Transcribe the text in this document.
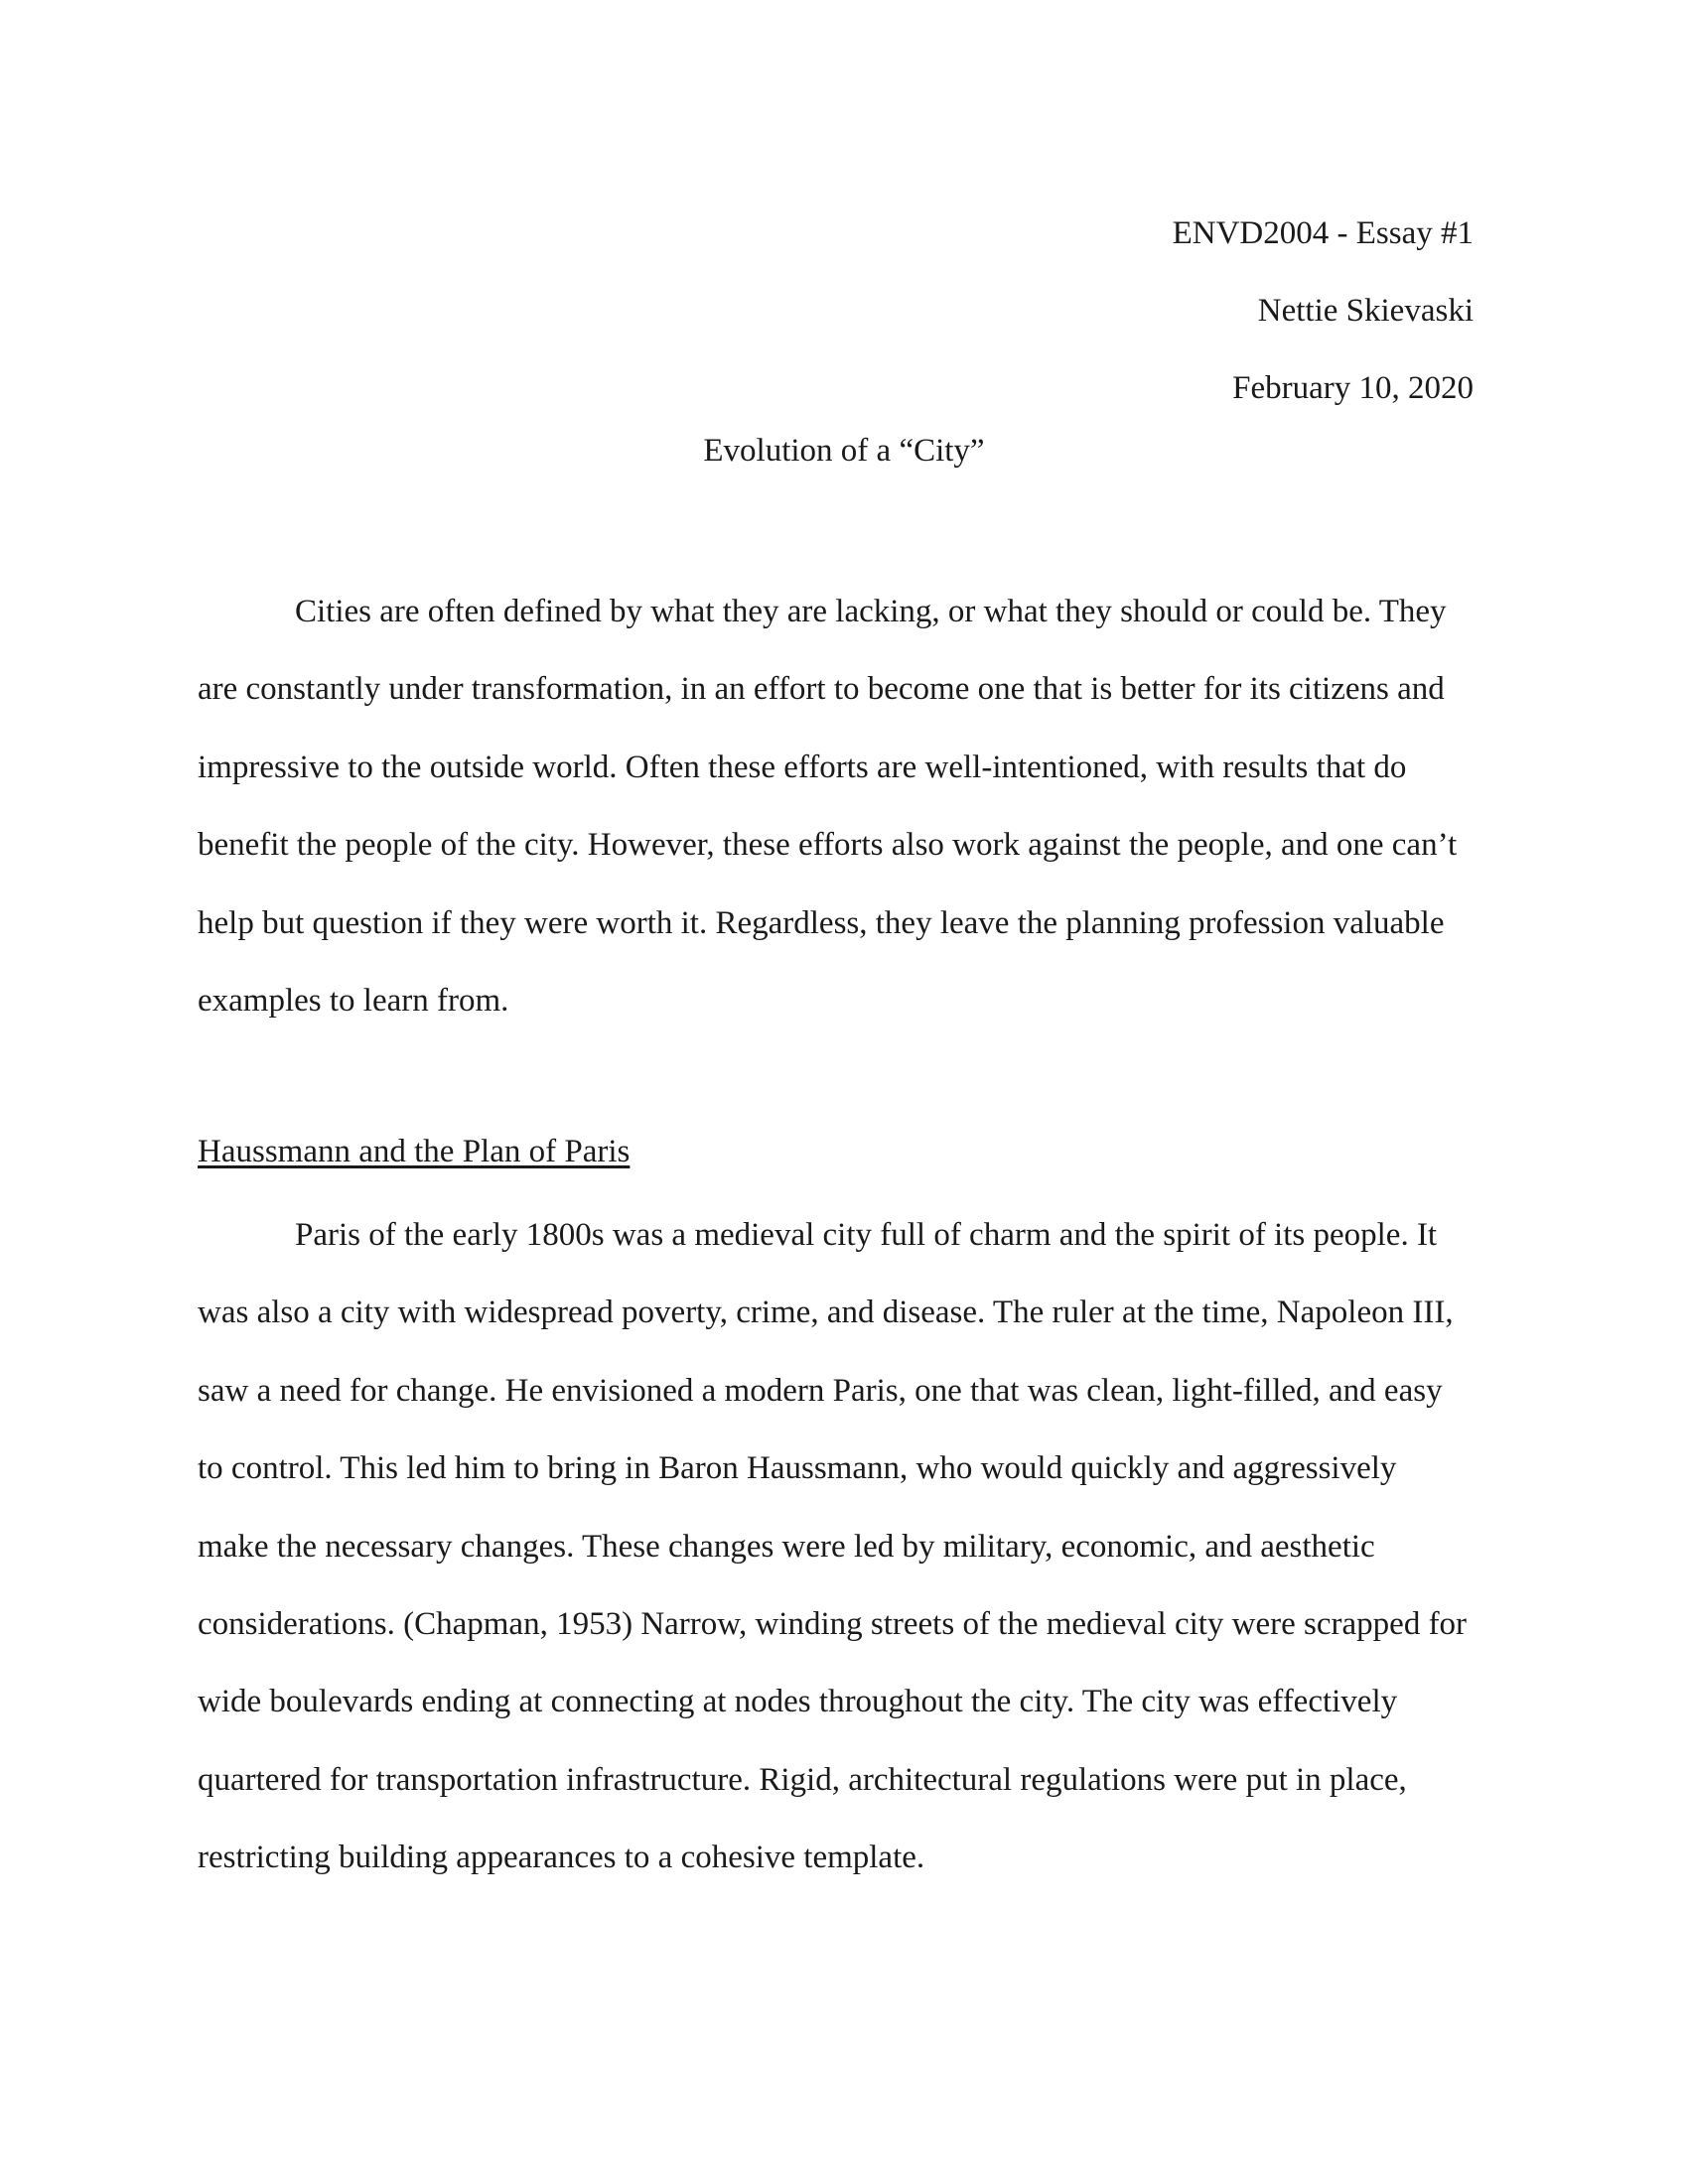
ENVD2004 - Essay #1
Nettie Skievaski
February 10, 2020
Evolution of a “City”

Cities are often defined by what they are lacking, or what they should or could be. They
are constantly under transformation, in an effort to become one that is better for its citizens and
impressive to the outside world. Often these efforts are well-intentioned, with results that do
benefit the people of the city. However, these efforts also work against the people, and one can’t
help but question if they were worth it. Regardless, they leave the planning profession valuable
examples to learn from.

Haussmann and the Plan of Paris

Paris of the early 1800s was a medieval city full of charm and the spirit of its people. It
was also a city with widespread poverty, crime, and disease. The ruler at the time, Napoleon III,
saw a need for change. He envisioned a modern Paris, one that was clean, light-filled, and easy
to control. This led him to bring in Baron Haussmann, who would quickly and aggressively
make the necessary changes. These changes were led by military, economic, and aesthetic
considerations. (Chapman, 1953) Narrow, winding streets of the medieval city were scrapped for
wide boulevards ending at connecting at nodes throughout the city. The city was effectively
quartered for transportation infrastructure. Rigid, architectural regulations were put in place,
restricting building appearances to a cohesive template.
